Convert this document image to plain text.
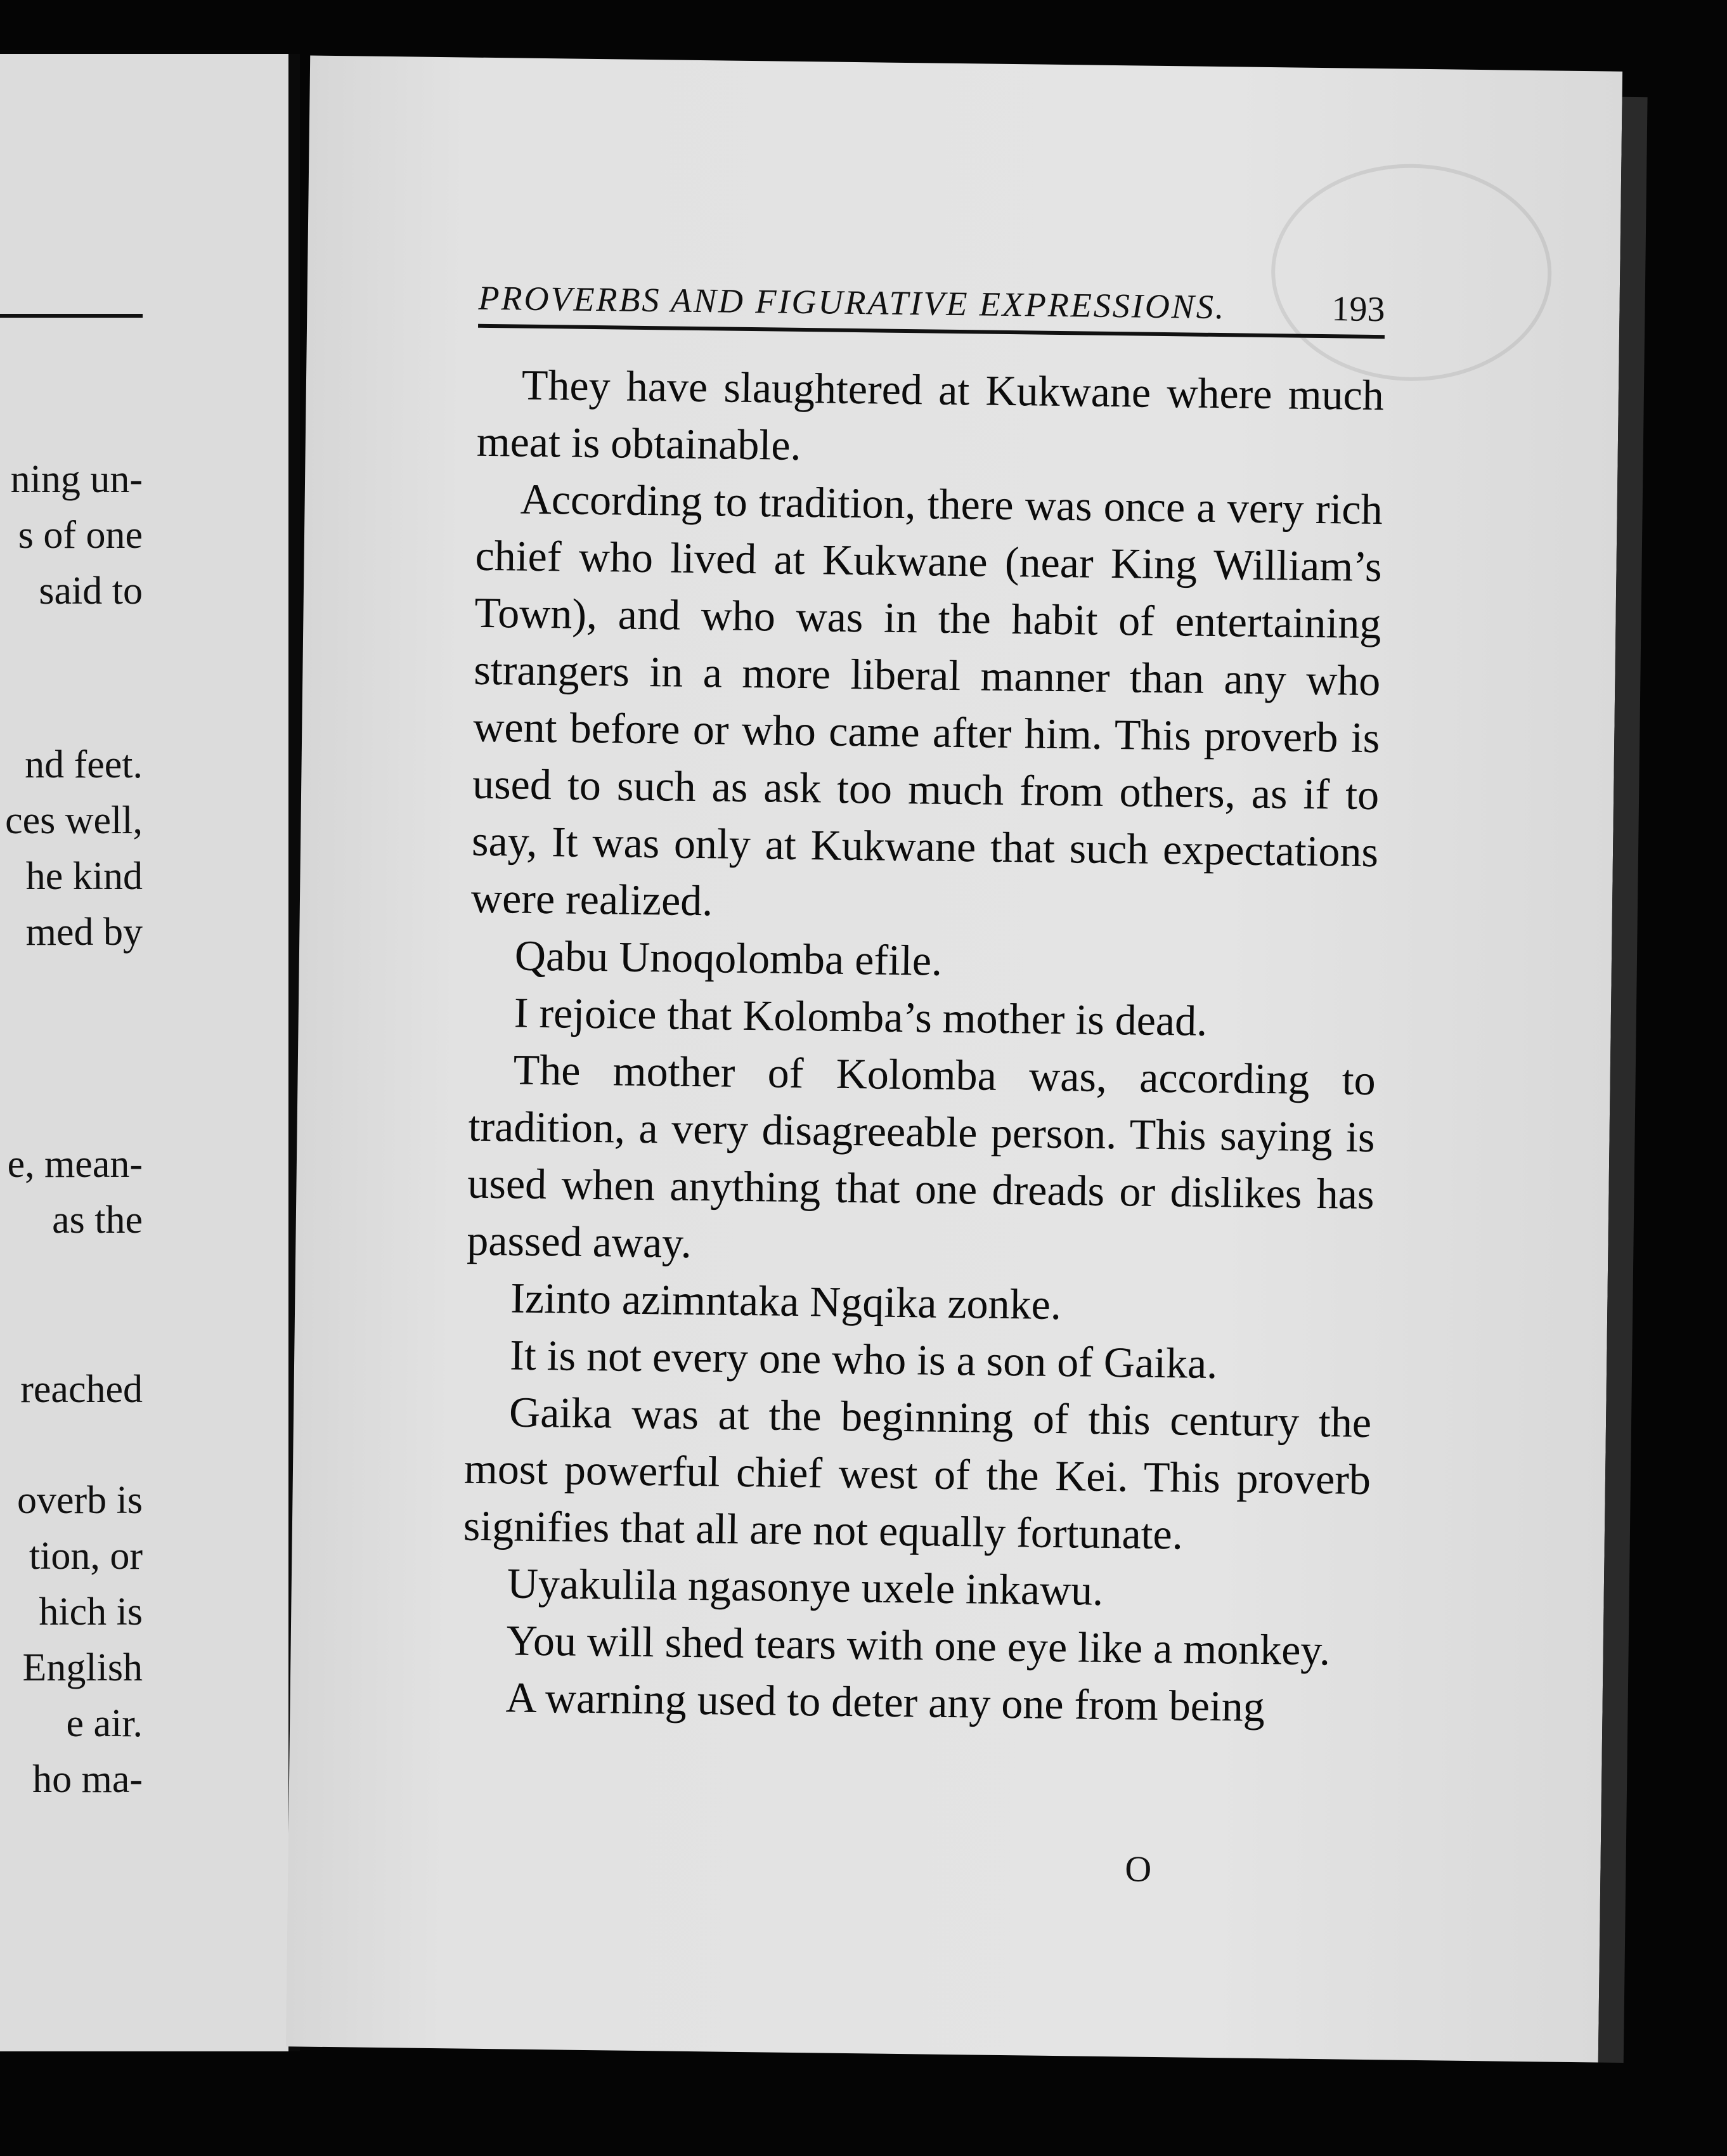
ning un-
s of one
said to
nd feet.
ces well,
he kind
med by
e, mean-
as the
reached
overb is
tion, or
hich is
English
e air.
ho ma-
PROVERBS AND FIGURATIVE EXPRESSIONS.	193

They have slaughtered at Kukwane where much meat is obtainable.

According to tradition, there was once a very rich chief who lived at Kukwane (near King William’s Town), and who was in the habit of entertaining strangers in a more liberal manner than any who went before or who came after him. This proverb is used to such as ask too much from others, as if to say, It was only at Kukwane that such expectations were realized.

Qabu Unoqolomba efile.

I rejoice that Kolomba’s mother is dead.

The mother of Kolomba was, according to tradition, a very disagreeable person. This saying is used when anything that one dreads or dislikes has passed away.

Izinto azimntaka Ngqika zonke.

It is not every one who is a son of Gaika.

Gaika was at the beginning of this century the most powerful chief west of the Kei. This proverb signifies that all are not equally fortunate.

Uyakulila ngasonye uxele inkawu.

You will shed tears with one eye like a monkey.

A warning used to deter any one from being

O
